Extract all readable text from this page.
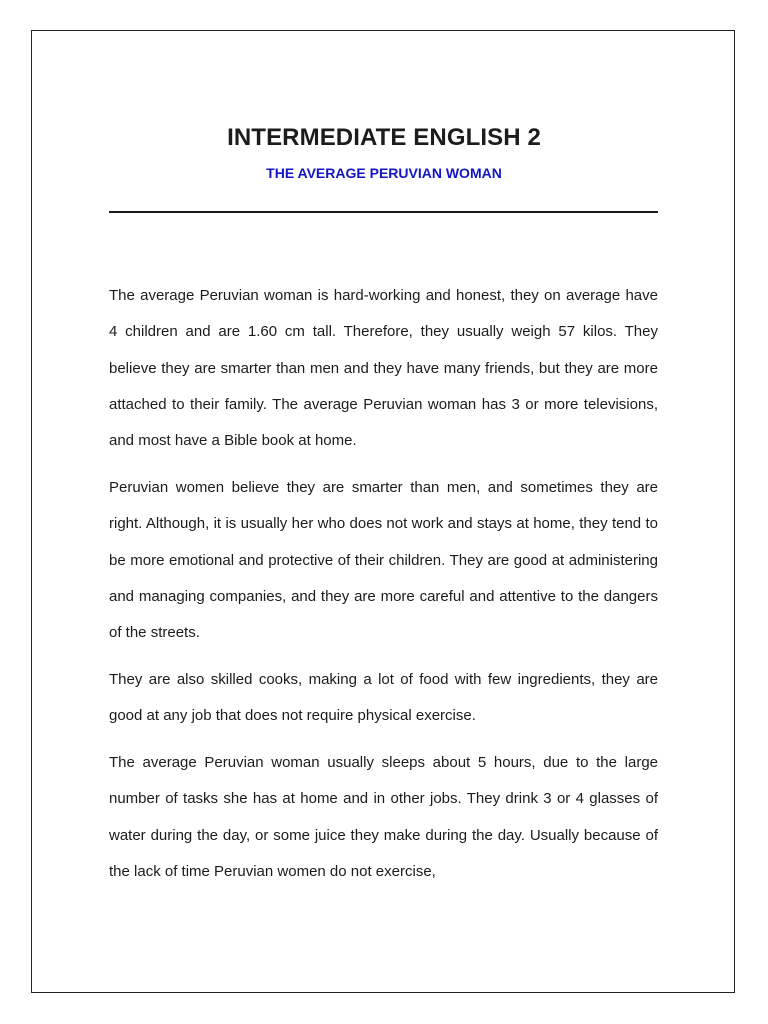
INTERMEDIATE ENGLISH 2
THE AVERAGE PERUVIAN WOMAN

The average Peruvian woman is hard-working and honest, they on average have 4 children and are 1.60 cm tall. Therefore, they usually weigh 57 kilos. They believe they are smarter than men and they have many friends, but they are more attached to their family. The average Peruvian woman has 3 or more televisions, and most have a Bible book at home.

Peruvian women believe they are smarter than men, and sometimes they are right. Although, it is usually her who does not work and stays at home, they tend to be more emotional and protective of their children. They are good at administering and managing companies, and they are more careful and attentive to the dangers of the streets.

They are also skilled cooks, making a lot of food with few ingredients, they are good at any job that does not require physical exercise.

The average Peruvian woman usually sleeps about 5 hours, due to the large number of tasks she has at home and in other jobs. They drink 3 or 4 glasses of water during the day, or some juice they make during the day. Usually because of the lack of time Peruvian women do not exercise,
